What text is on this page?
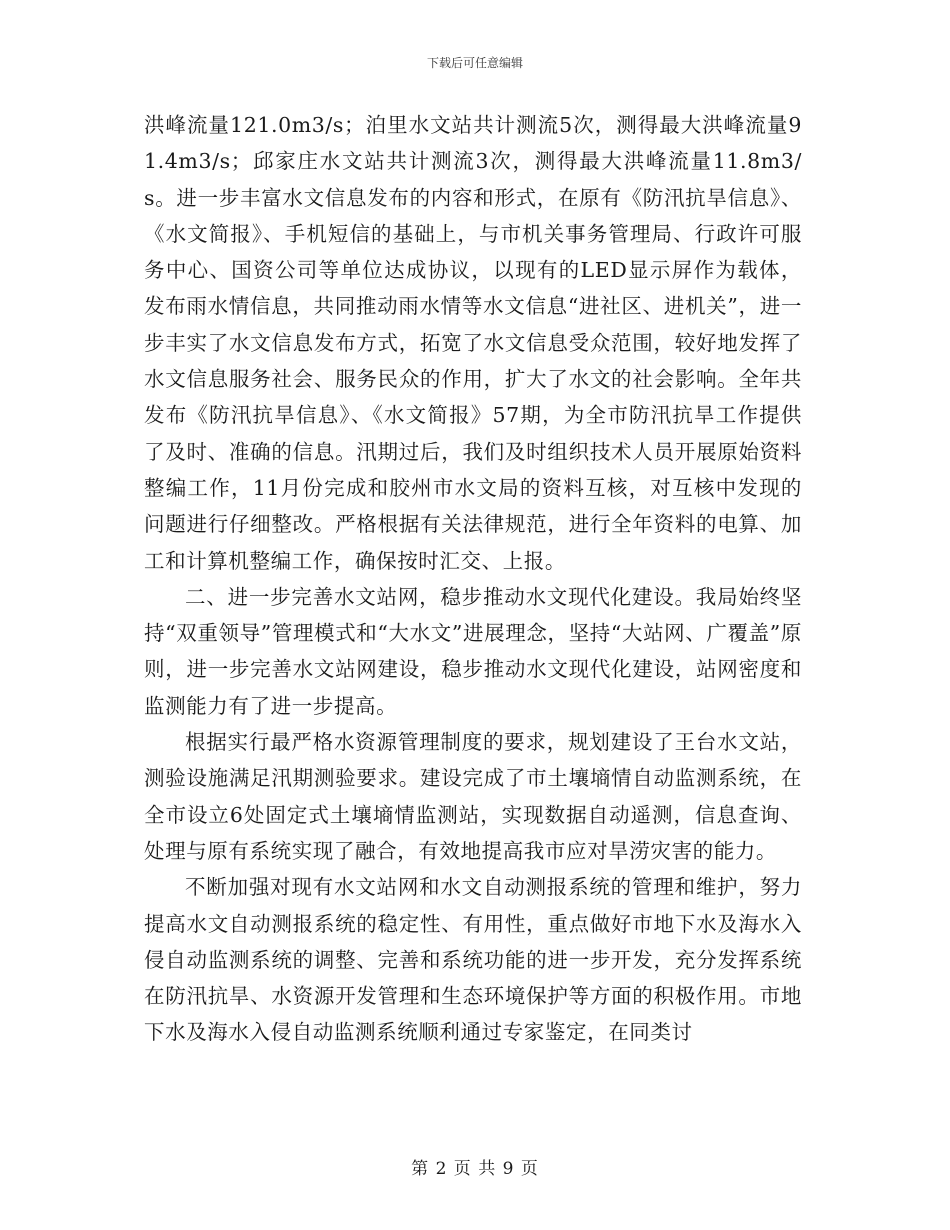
下载后可任意编辑

洪峰流量121.0m3/s；泊里水文站共计测流5次，测得最大洪峰流量91.4m3/s；邱家庄水文站共计测流3次，测得最大洪峰流量11.8m3/s。进一步丰富水文信息发布的内容和形式，在原有《防汛抗旱信息》、《水文简报》、手机短信的基础上，与市机关事务管理局、行政许可服务中心、国资公司等单位达成协议，以现有的LED显示屏作为载体，发布雨水情信息，共同推动雨水情等水文信息“进社区、进机关”，进一步丰实了水文信息发布方式，拓宽了水文信息受众范围，较好地发挥了水文信息服务社会、服务民众的作用，扩大了水文的社会影响。全年共发布《防汛抗旱信息》、《水文简报》57期，为全市防汛抗旱工作提供了及时、准确的信息。汛期过后，我们及时组织技术人员开展原始资料整编工作，11月份完成和胶州市水文局的资料互核，对互核中发现的问题进行仔细整改。严格根据有关法律规范，进行全年资料的电算、加工和计算机整编工作，确保按时汇交、上报。

二、进一步完善水文站网，稳步推动水文现代化建设。我局始终坚持“双重领导”管理模式和“大水文”进展理念，坚持“大站网、广覆盖”原则，进一步完善水文站网建设，稳步推动水文现代化建设，站网密度和监测能力有了进一步提高。

根据实行最严格水资源管理制度的要求，规划建设了王台水文站，测验设施满足汛期测验要求。建设完成了市土壤墒情自动监测系统，在全市设立6处固定式土壤墒情监测站，实现数据自动遥测，信息查询、处理与原有系统实现了融合，有效地提高我市应对旱涝灾害的能力。

不断加强对现有水文站网和水文自动测报系统的管理和维护，努力提高水文自动测报系统的稳定性、有用性，重点做好市地下水及海水入侵自动监测系统的调整、完善和系统功能的进一步开发，充分发挥系统在防汛抗旱、水资源开发管理和生态环境保护等方面的积极作用。市地下水及海水入侵自动监测系统顺利通过专家鉴定，在同类讨

第 2 页 共 9 页
